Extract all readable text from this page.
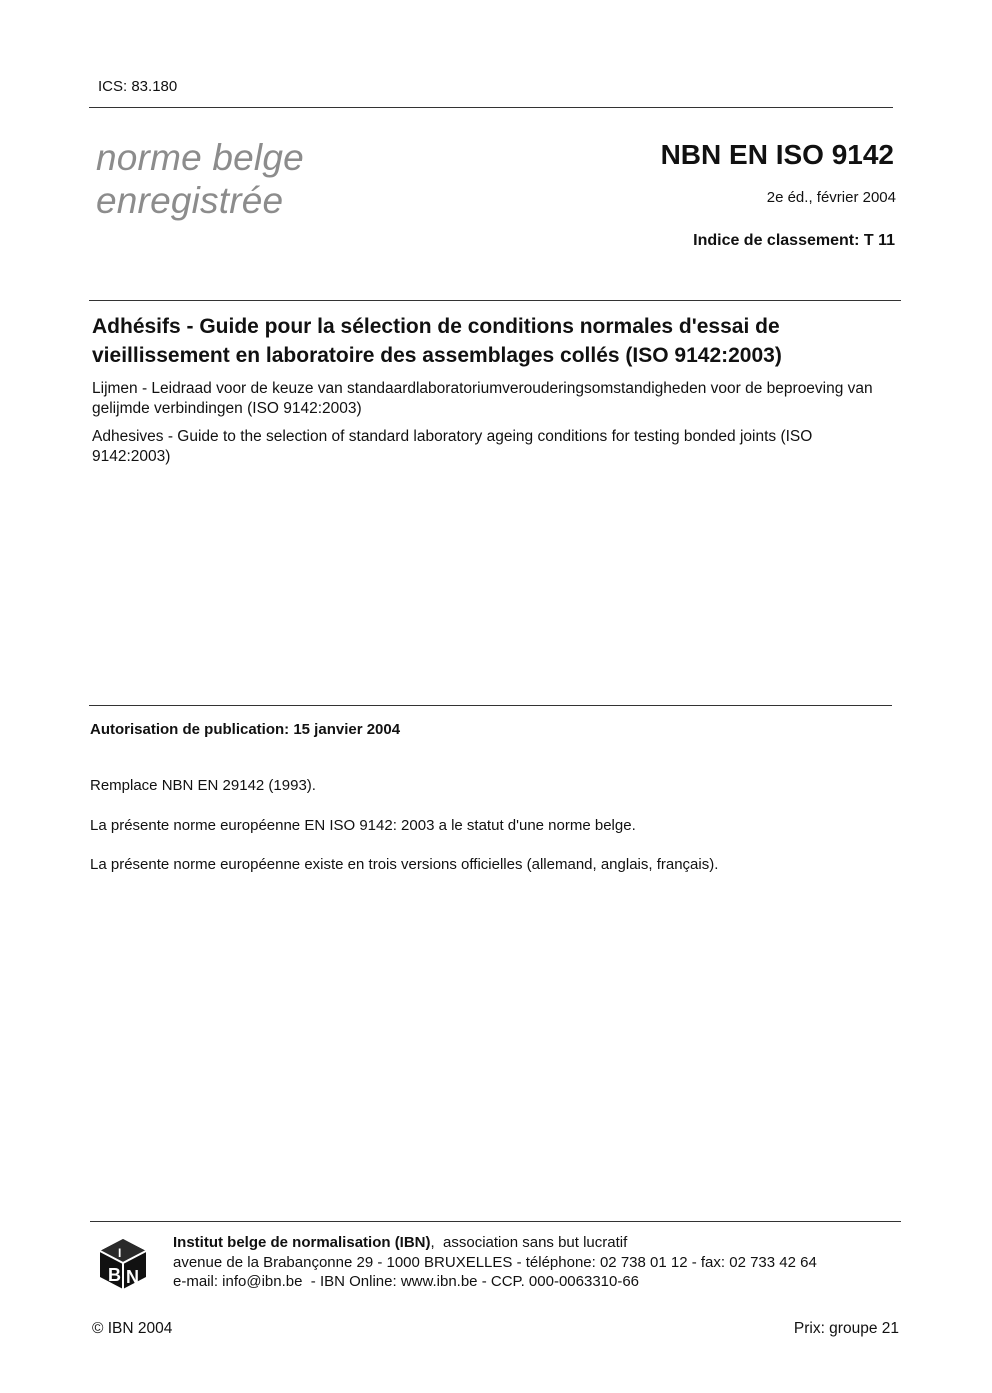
ICS: 83.180
norme belge
enregistrée
NBN EN ISO 9142
2e éd., février 2004
Indice de classement: T 11
Adhésifs - Guide pour la sélection de conditions normales d'essai de vieillissement en laboratoire des assemblages collés (ISO 9142:2003)
Lijmen - Leidraad voor de keuze van standaardlaboratoriumverouderingsomstandigheden voor de beproeving van gelijmde verbindingen (ISO 9142:2003)
Adhesives - Guide to the selection of standard laboratory ageing conditions for testing bonded joints (ISO 9142:2003)
Autorisation de publication: 15 janvier 2004
Remplace NBN EN 29142 (1993).
La présente norme européenne EN ISO 9142: 2003 a le statut d'une norme belge.
La présente norme européenne existe en trois versions officielles (allemand, anglais, français).
B N
I
Institut belge de normalisation (IBN),  association sans but lucratif
avenue de la Brabançonne 29 - 1000 BRUXELLES - téléphone: 02 738 01 12 - fax: 02 733 42 64
e-mail: info@ibn.be  - IBN Online: www.ibn.be - CCP. 000-0063310-66
© IBN 2004	Prix: groupe 21
